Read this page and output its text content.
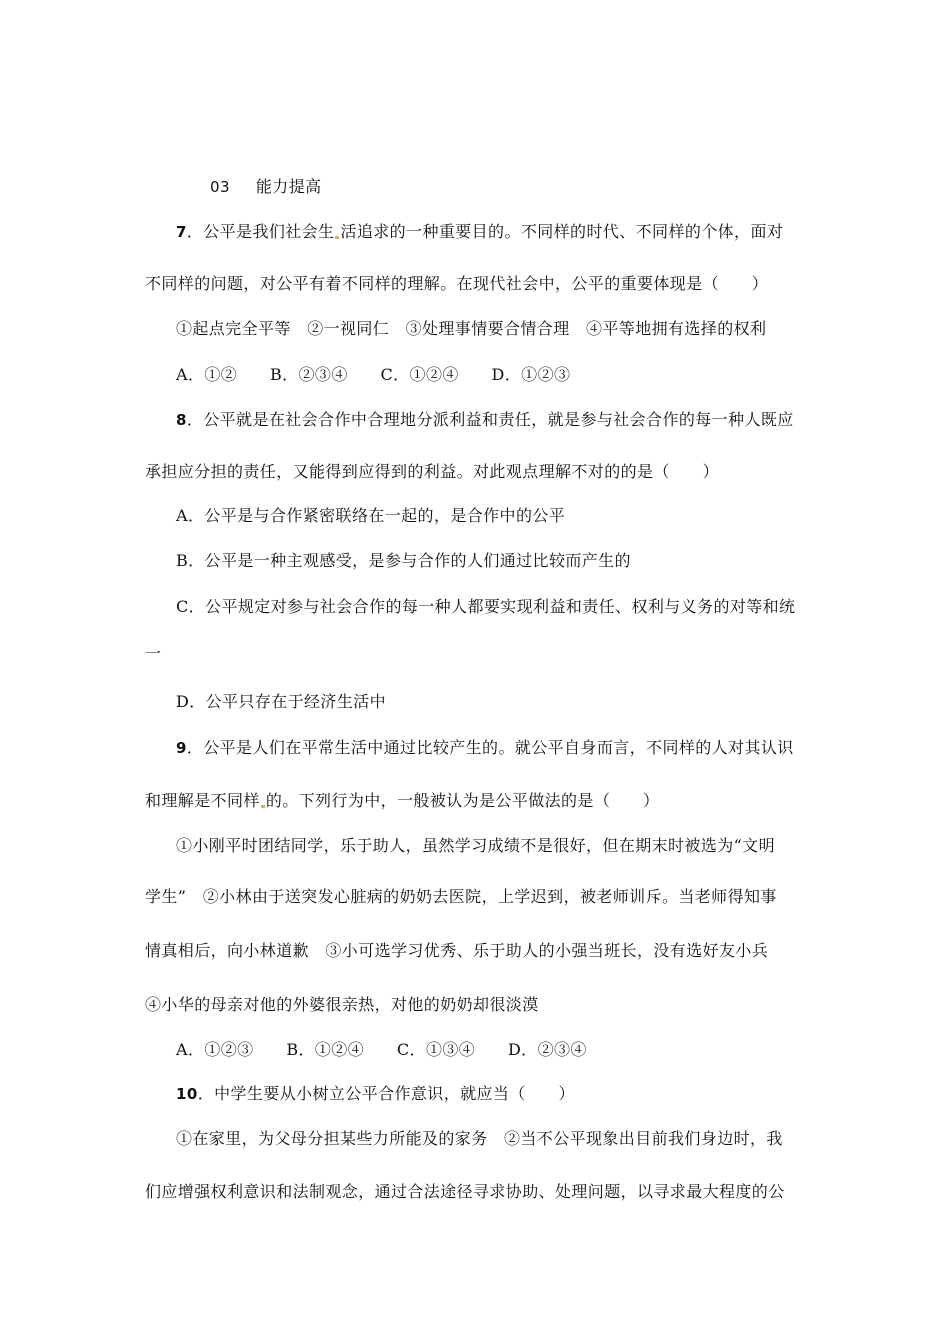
03 能力提高
7．公平是我们社会生 活追求的一种重要目的。不同样的时代、不同样的个体，面对
不同样的问题，对公平有着不同样的理解。在现代社会中，公平的重要体现是（　　）
①起点完全平等　②一视同仁　③处理事情要合情合理　④平等地拥有选择的权利
A．①②　　B．②③④　　C．①②④　　D．①②③
8．公平就是在社会合作中合理地分派利益和责任，就是参与社会合作的每一种人既应
承担应分担的责任，又能得到应得到的利益。对此观点理解不对的的是（　　）
A．公平是与合作紧密联络在一起的，是合作中的公平
B．公平是一种主观感受，是参与合作的人们通过比较而产生的
C．公平规定对参与社会合作的每一种人都要实现利益和责任、权利与义务的对等和统
一
D．公平只存在于经济生活中
9．公平是人们在平常生活中通过比较产生的。就公平自身而言，不同样的人对其认识
和理解是不同样 的。下列行为中，一般被认为是公平做法的是（　　）
①小刚平时团结同学，乐于助人，虽然学习成绩不是很好，但在期末时被选为“文明
学生”　②小林由于送突发心脏病的奶奶去医院，上学迟到，被老师训斥。当老师得知事
情真相后，向小林道歉　③小可选学习优秀、乐于助人的小强当班长，没有选好友小兵
④小华的母亲对他的外婆很亲热，对他的奶奶却很淡漠
A．①②③　　B．①②④　　C．①③④　　D．②③④
10．中学生要从小树立公平合作意识，就应当（　　）
①在家里，为父母分担某些力所能及的家务　②当不公平现象出目前我们身边时，我
们应增强权利意识和法制观念，通过合法途径寻求协助、处理问题，以寻求最大程度的公
